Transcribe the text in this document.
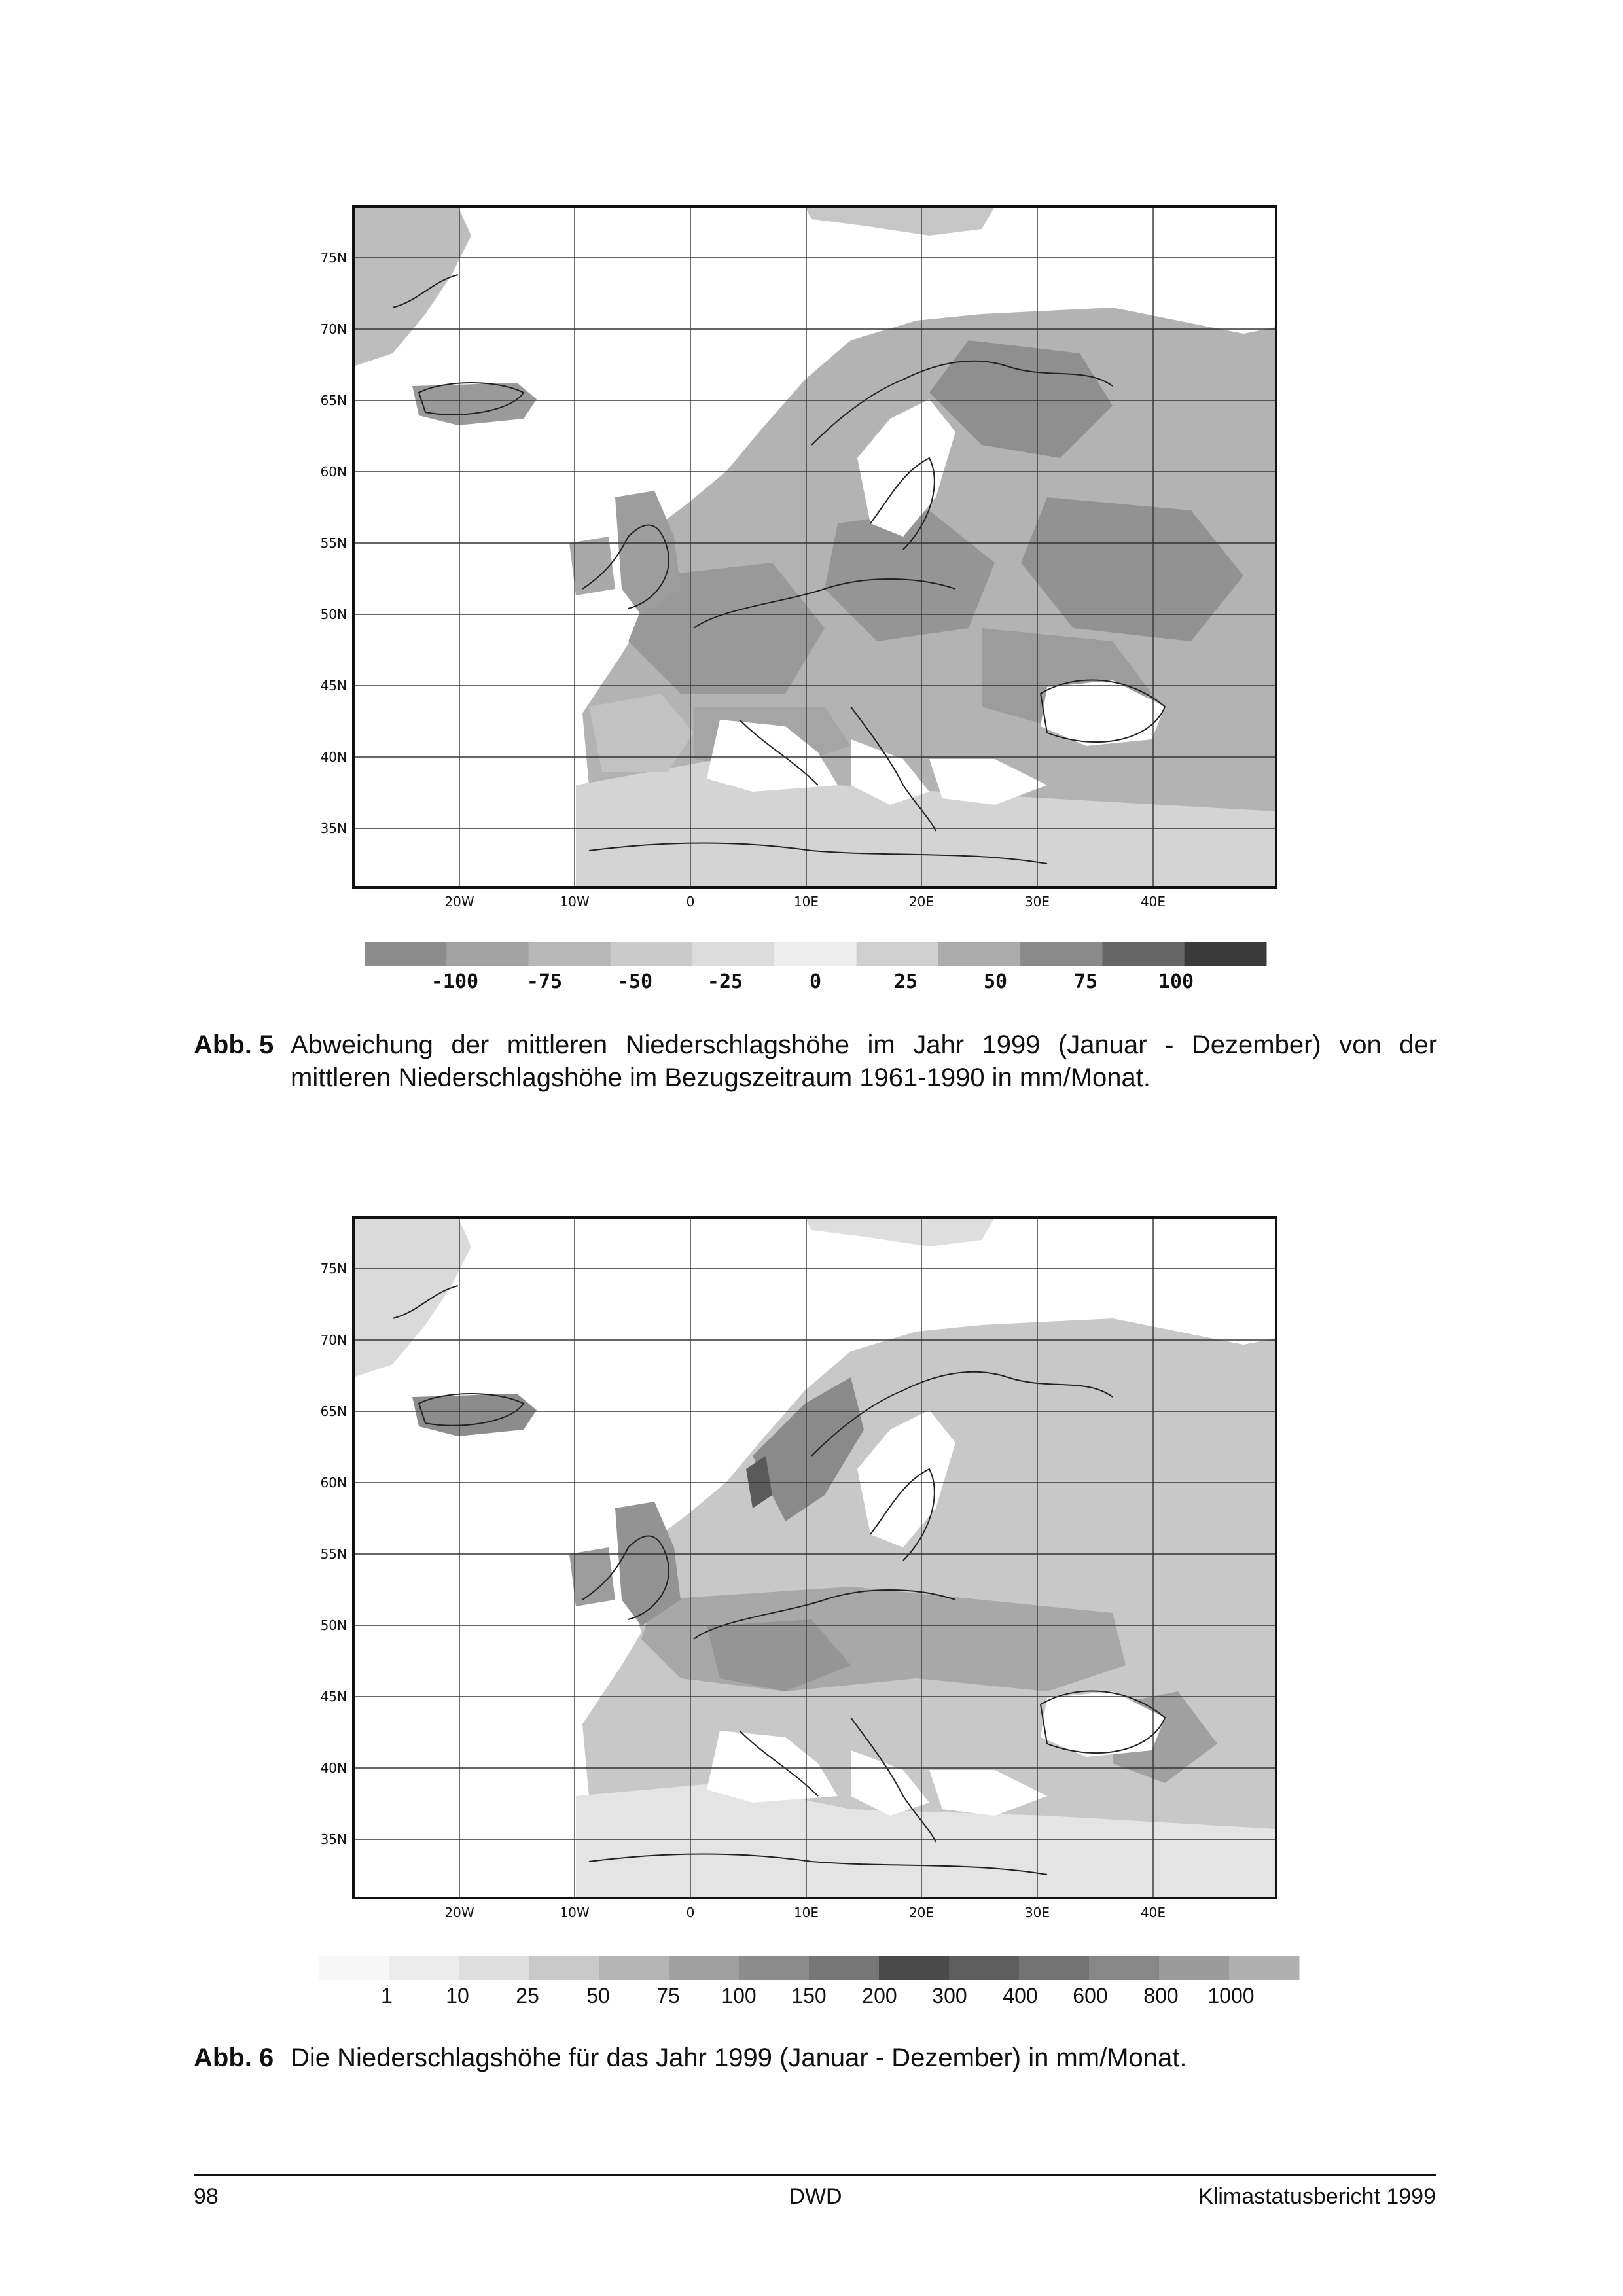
75N
70N
65N
60N
55N
50N
45N
40N
35N
20W	10W	0	10E	20E	30E	40E
-100 -75	-50	-25	0	25	50	75	100
Abb. 5 Abweichung der mittleren Niederschlagshöhe im Jahr 1999 (Januar - Dezember) von der
mittleren Niederschlagshöhe im Bezugszeitraum 1961-1990 in mm/Monat.
75N
70N
65N
60N
55N
50N
45N
40N
35N
20W	10W	0	10E	20E	30E	40E
1	10 25 50 75 100 150 200 300 400 600 800 1000
Abb. 6 Die Niederschlagshöhe für das Jahr 1999 (Januar - Dezember) in mm/Monat.
98	DWD	Klimastatusbericht 1999
